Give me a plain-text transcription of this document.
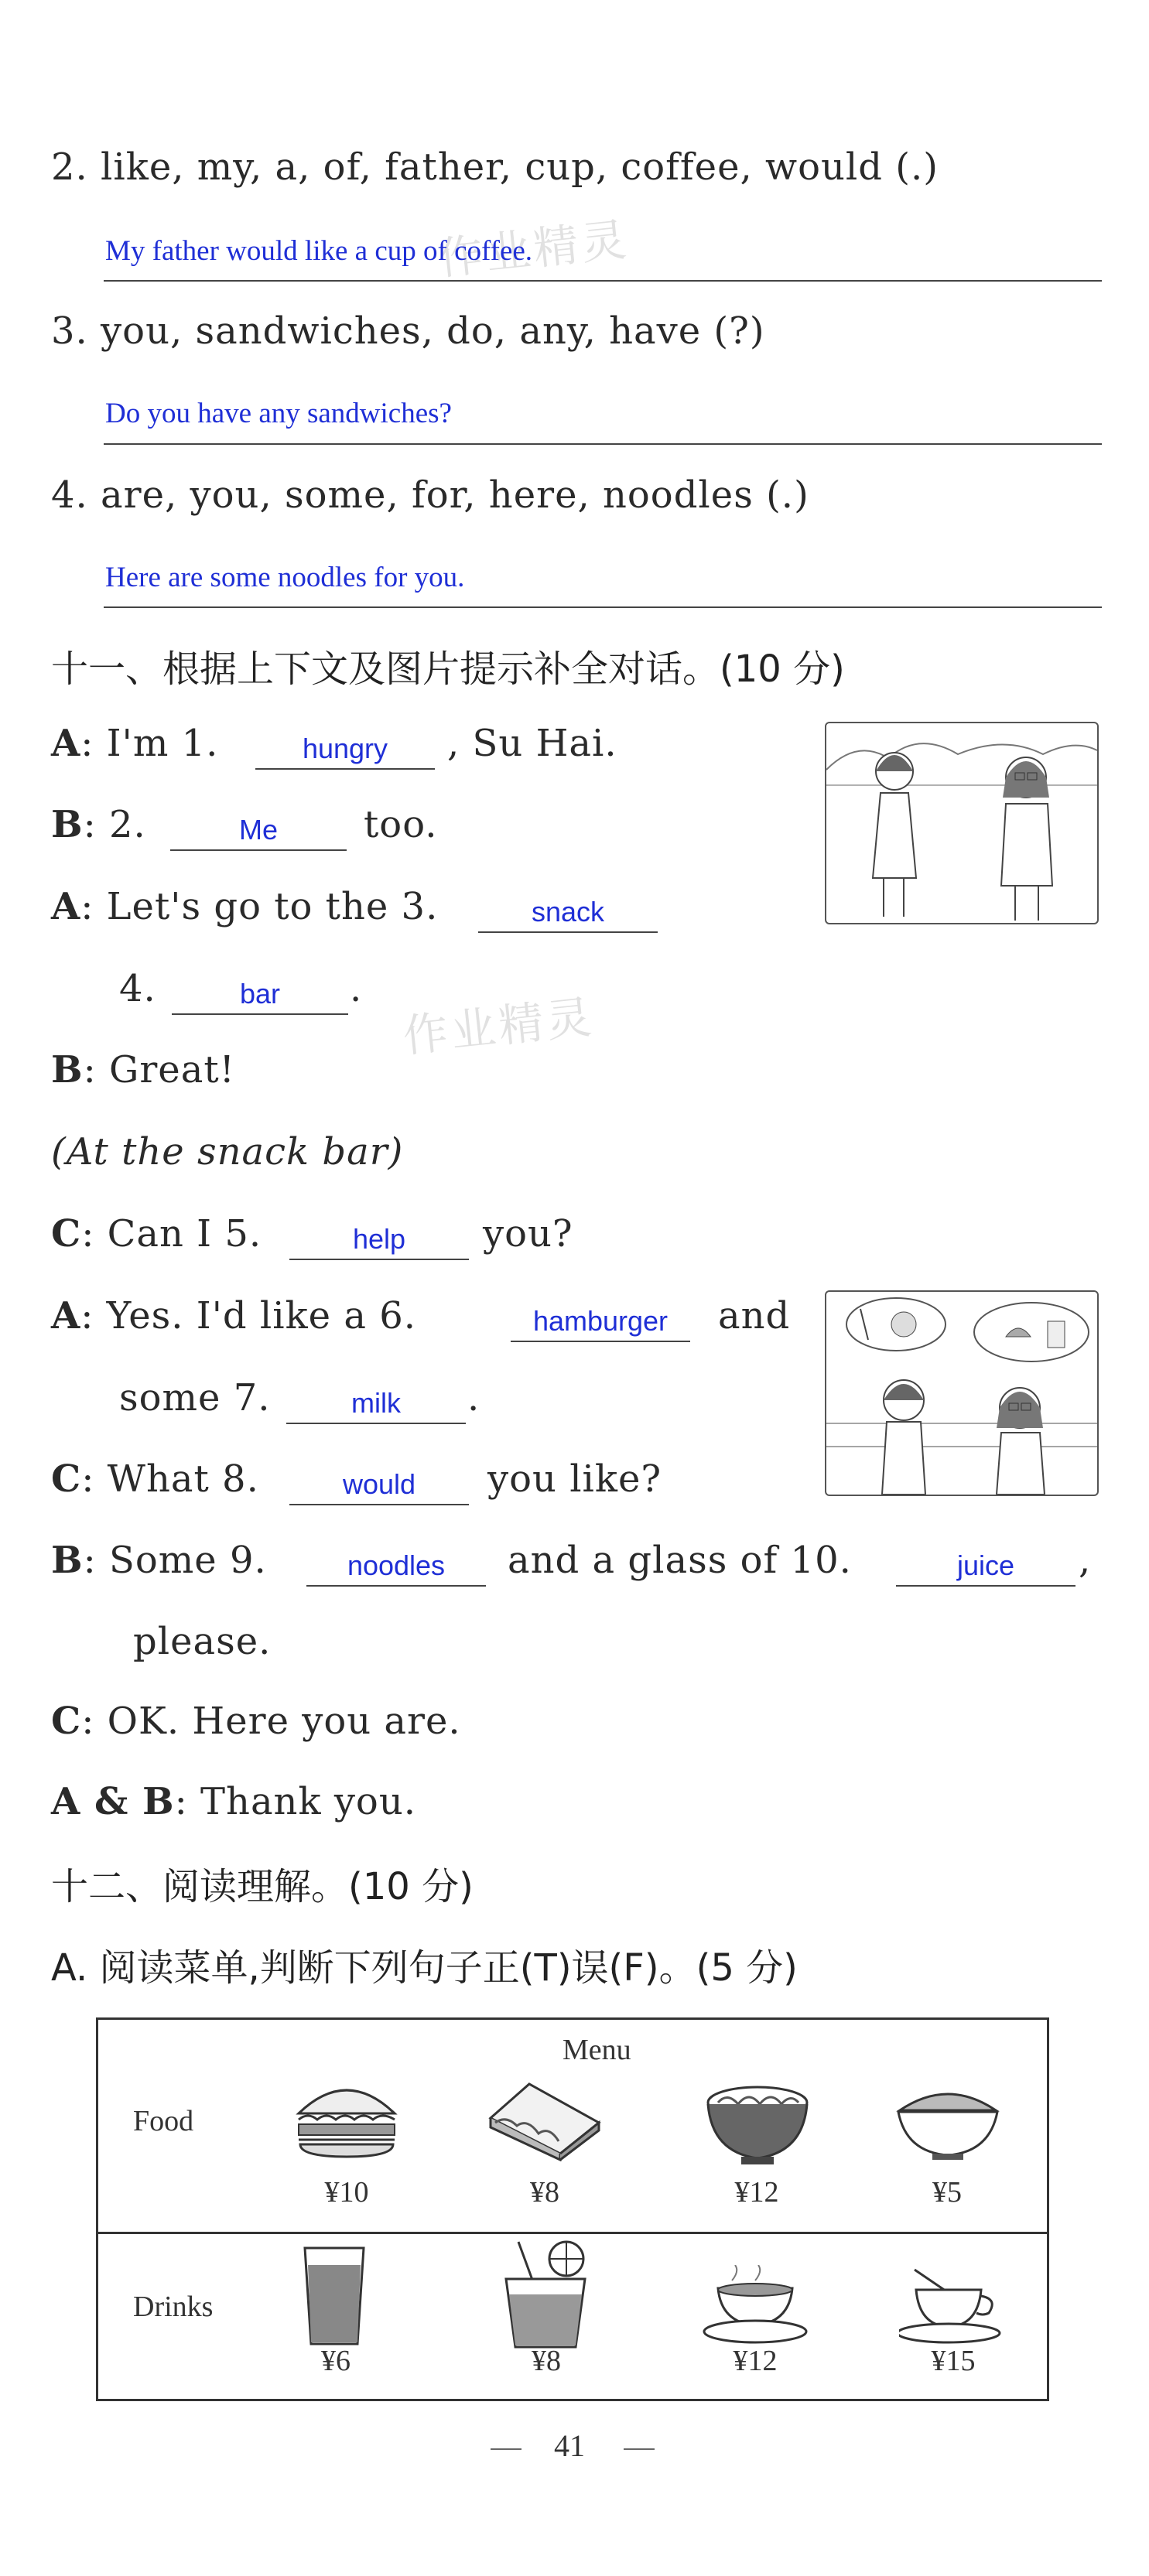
作业精灵
作业精灵
2. like, my, a, of, father, cup, coffee, would (.)
My father would like a cup of coffee.
3. you, sandwiches, do, any, have (?)
Do you have any sandwiches?
4. are, you, some, for, here, noodles (.)
Here are some noodles for you.
十一、根据上下文及图片提示补全对话。(10 分)
A: I'm 1.	hungry	, Su Hai.
B: 2.	Me	too.
A: Let's go to the 3.	snack
4.	bar	.
B: Great!
(At the snack bar)
C: Can I 5.	help	you?
A: Yes. I'd like a 6.	hamburger	and
some 7.	milk	.
C: What 8.	would	you like?
B: Some 9.	noodles	and a glass of 10.	juice	,
please.
C: OK. Here you are.
A & B: Thank you.
十二、阅读理解。(10 分)
A. 阅读菜单,判断下列句子正(T)误(F)。(5 分)
Menu
Food
Drinks
¥10	¥8	¥12	¥5
¥6	¥8	¥12	¥15
41
